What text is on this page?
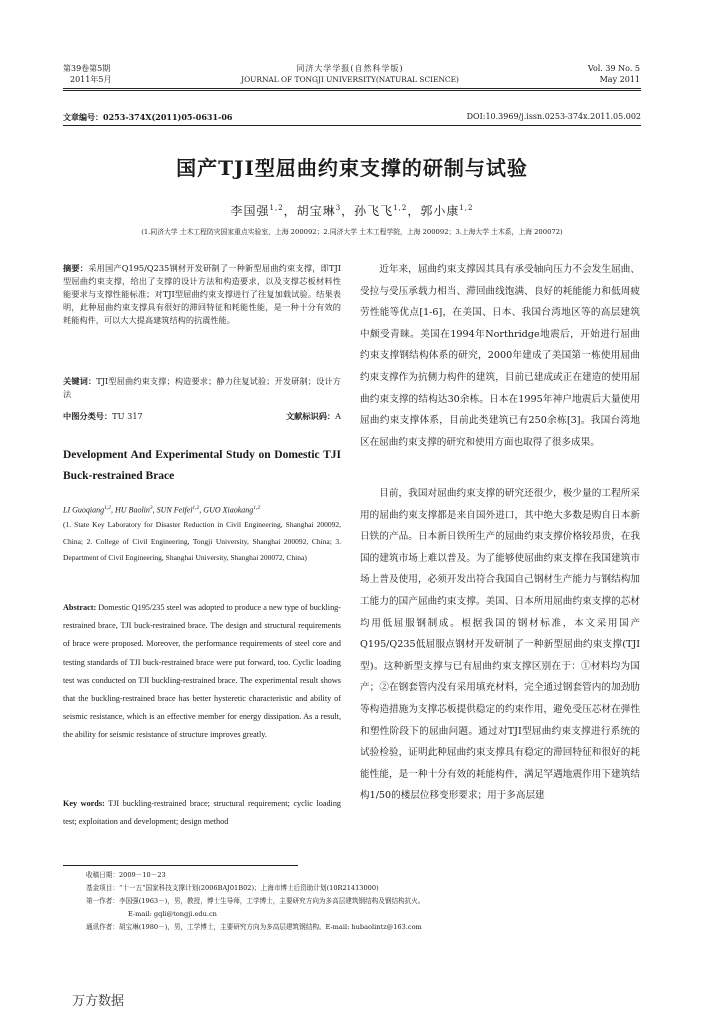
第39卷第5期
2011年5月
同济大学学报(自然科学版)
JOURNAL OF TONGJI UNIVERSITY(NATURAL SCIENCE)
Vol. 39 No. 5
May 2011
文章编号：0253-374X(2011)05-0631-06	DOI:10.3969/j.issn.0253-374x.2011.05.002
国产TJI型屈曲约束支撑的研制与试验
李国强$^{1,2}$，胡宝琳$^3$，孙飞飞$^{1,2}$，郭小康$^{1,2}$
(1.同济大学 土木工程防灾国家重点实验室，上海 200092；2.同济大学 土木工程学院，上海 200092；3.上海大学 土木系，上海 200072)
摘要：采用国产Q195/Q235钢材开发研制了一种新型屈曲约束支撑，即TJI型屈曲约束支撑，给出了支撑的设计方法和构造要求，以及支撑芯板材料性能要求与支撑性能标准；对TJI型屈曲约束支撑进行了往复加载试验。结果表明，此种屈曲约束支撑具有很好的滞回特征和耗能性能，是一种十分有效的耗能构件，可以大大提高建筑结构的抗震性能。
关键词：TJI型屈曲约束支撑；构造要求；静力往复试验；开发研制；设计方法
中图分类号：TU 317	文献标识码：A
Development And Experimental Study on Domestic TJI Buck-restrained Brace
LI Guoqiang$^{1,2}$, HU Baolin$^3$, SUN Feifei$^{1,2}$, GUO Xiaokang$^{1,2}$
(1. State Key Laboratory for Disaster Reduction in Civil Engineering, Shanghai 200092, China; 2. College of Civil Engineering, Tongji University, Shanghai 200092, China; 3. Department of Civil Engineering, Shanghai University, Shanghai 200072, China)
Abstract: Domestic Q195/235 steel was adopted to produce a new type of buckling-restrained brace, TJI buck-restrained brace. The design and structural requirements of brace were proposed. Moreover, the performance requirements of steel core and testing standards of TJI buck-restrained brace were put forward, too. Cyclic loading test was conducted on TJI buckling-restrained brace. The experimental result shows that the buckling-restrained brace has better hysteretic characteristic and ability of seismic resistance, which is an effective member for energy dissipation. As a result, the ability for seismic resistance of structure improves greatly.
Key words: TJI buckling-restrained brace; structural requirement; cyclic loading test; exploitation and development; design method
近年来，屈曲约束支撑因其具有承受轴向压力不会发生屈曲、受拉与受压承载力相当、滞回曲线饱满、良好的耗能能力和低周疲劳性能等优点[1-6]，在美国、日本、我国台湾地区等的高层建筑中颇受青睐。美国在1994年Northridge地震后，开始进行屈曲约束支撑钢结构体系的研究，2000年建成了美国第一栋使用屈曲约束支撑作为抗侧力构件的建筑，目前已建成或正在建造的使用屈曲约束支撑的结构达30余栋。日本在1995年神户地震后大量使用屈曲约束支撑体系，目前此类建筑已有250余栋[3]。我国台湾地区在屈曲约束支撑的研究和使用方面也取得了很多成果。
目前，我国对屈曲约束支撑的研究还很少，极少量的工程所采用的屈曲约束支撑都是来自国外进口，其中绝大多数是购自日本新日铁的产品。日本新日铁所生产的屈曲约束支撑价格较昂贵，在我国的建筑市场上难以普及。为了能够使屈曲约束支撑在我国建筑市场上普及使用，必须开发出符合我国自己钢材生产能力与钢结构加工能力的国产屈曲约束支撑。美国、日本所用屈曲约束支撑的芯材均用低屈服钢制成。根据我国的钢材标准，本文采用国产Q195/Q235低屈服点钢材开发研制了一种新型屈曲约束支撑(TJI型)。这种新型支撑与已有屈曲约束支撑区别在于：①材料均为国产；②在钢套管内没有采用填充材料，完全通过钢套管内的加劲肋等构造措施为支撑芯板提供稳定的约束作用，避免受压芯材在弹性和塑性阶段下的屈曲问题。通过对TJI型屈曲约束支撑进行系统的试验检验，证明此种屈曲约束支撑具有稳定的滞回特征和很好的耗能性能，是一种十分有效的耗能构件，满足罕遇地震作用下建筑结构1/50的楼层位移变形要求；用于多高层建

收稿日期：2009－10－23

基金项目：“十一五”国家科技支撑计划(2006BAJ01B02)；上海市博士后资助计划(10R21413000)

第一作者：李国强(1963－)，男，教授，博士生导师，工学博士，主要研究方向为多高层建筑钢结构及钢结构抗火。

E-mail: gqli@tongji.edu.cn

通讯作者：胡宝琳(1980－)，男，工学博士，主要研究方向为多高层建筑钢结构。E-mail: hubaolintz@163.com

万方数据
